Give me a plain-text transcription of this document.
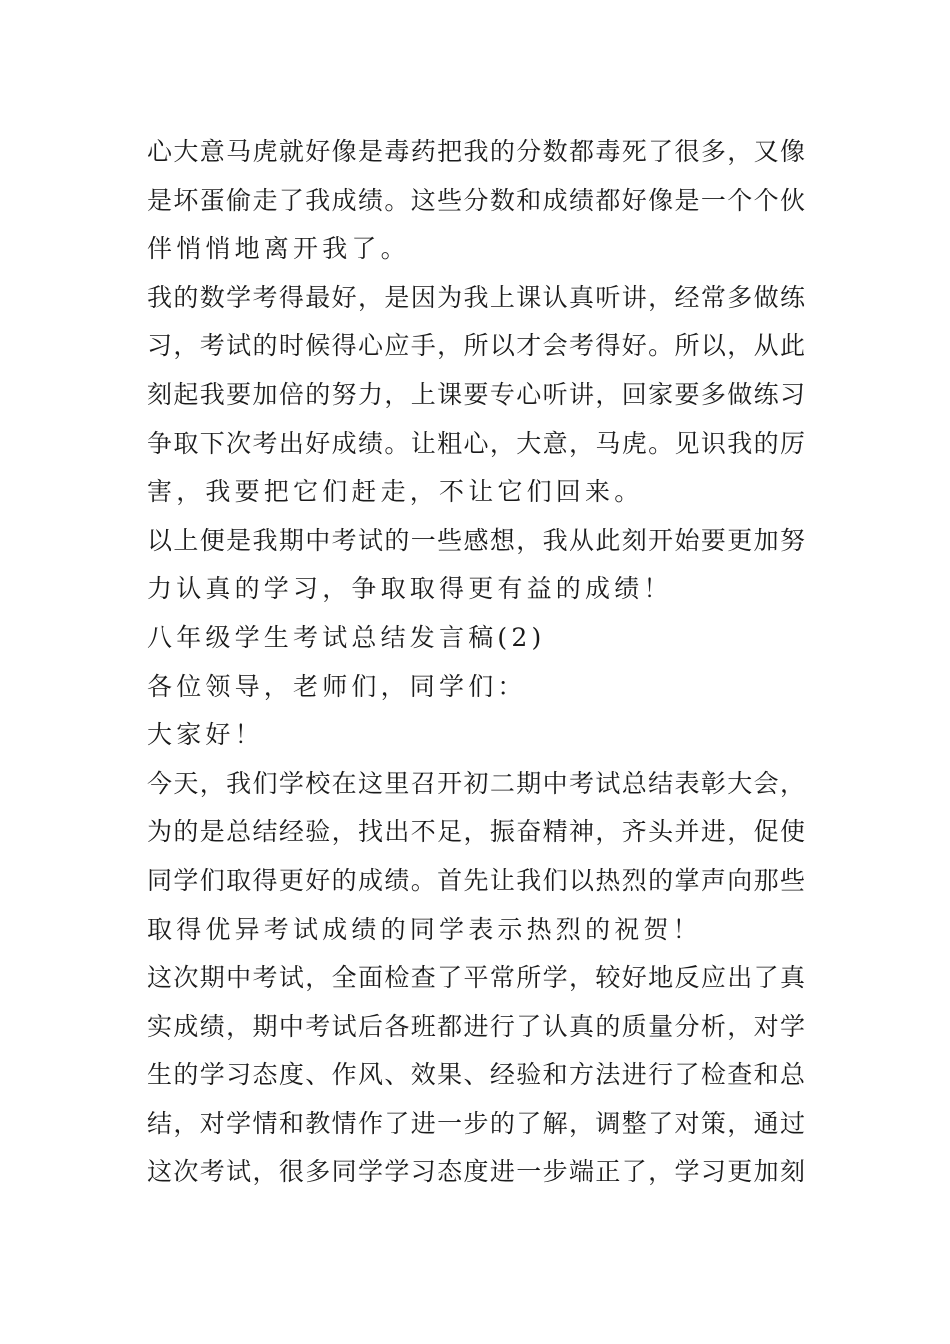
心大意马虎就好像是毒药把我的分数都毒死了很多，又像
是坏蛋偷走了我成绩。这些分数和成绩都好像是一个个伙
伴悄悄地离开我了。
我的数学考得最好，是因为我上课认真听讲，经常多做练
习，考试的时候得心应手，所以才会考得好。所以，从此
刻起我要加倍的努力，上课要专心听讲，回家要多做练习
争取下次考出好成绩。让粗心，大意，马虎。见识我的厉
害，我要把它们赶走，不让它们回来。
以上便是我期中考试的一些感想，我从此刻开始要更加努
力认真的学习，争取取得更有益的成绩！
八年级学生考试总结发言稿(2)
各位领导，老师们，同学们：
大家好！
今天，我们学校在这里召开初二期中考试总结表彰大会，
为的是总结经验，找出不足，振奋精神，齐头并进，促使
同学们取得更好的成绩。首先让我们以热烈的掌声向那些
取得优异考试成绩的同学表示热烈的祝贺！
这次期中考试，全面检查了平常所学，较好地反应出了真
实成绩，期中考试后各班都进行了认真的质量分析，对学
生的学习态度、作风、效果、经验和方法进行了检查和总
结，对学情和教情作了进一步的了解，调整了对策，通过
这次考试，很多同学学习态度进一步端正了，学习更加刻
